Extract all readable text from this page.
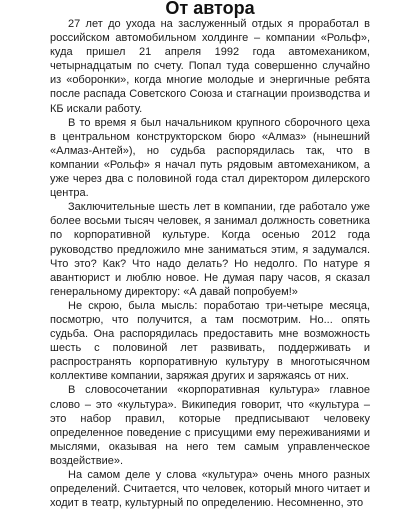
От автора

27 лет до ухода на заслуженный отдых я проработал в российском автомобильном холдинге – компании «Рольф», куда пришел 21 апреля 1992 года автомехаником, четырнадцатым по счету. Попал туда совершенно случайно из «оборонки», когда многие молодые и энергичные ребята после распада Советского Союза и стагнации производства и КБ искали работу.

В то время я был начальником крупного сборочного цеха в центральном конструкторском бюро «Алмаз» (нынешний «Алмаз-Антей»), но судьба распорядилась так, что в компании «Рольф» я начал путь рядовым автомехаником, а уже через два с половиной года стал директором дилерского центра.

Заключительные шесть лет в компании, где работало уже более восьми тысяч человек, я занимал должность советника по корпоративной культуре. Когда осенью 2012 года руководство предложило мне заниматься этим, я задумался. Что это? Как? Что надо делать? Но недолго. По натуре я авантюрист и люблю новое. Не думая пару часов, я сказал генеральному директору: «А давай попробуем!»

Не скрою, была мысль: поработаю три-четыре месяца, посмотрю, что получится, а там посмотрим. Но... опять судьба. Она распорядилась предоставить мне возможность шесть с половиной лет развивать, поддерживать и распространять корпоративную культуру в многотысячном коллективе компании, заряжая других и заряжаясь от них.

В словосочетании «корпоративная культура» главное слово – это «культура». Википедия говорит, что «культура – это набор правил, которые предписывают человеку определенное поведение с присущими ему переживаниями и мыслями, оказывая на него тем самым управленческое воздействие».

На самом деле у слова «культура» очень много разных определений. Считается, что человек, который много читает и ходит в театр, культурный по определению. Несомненно, это
